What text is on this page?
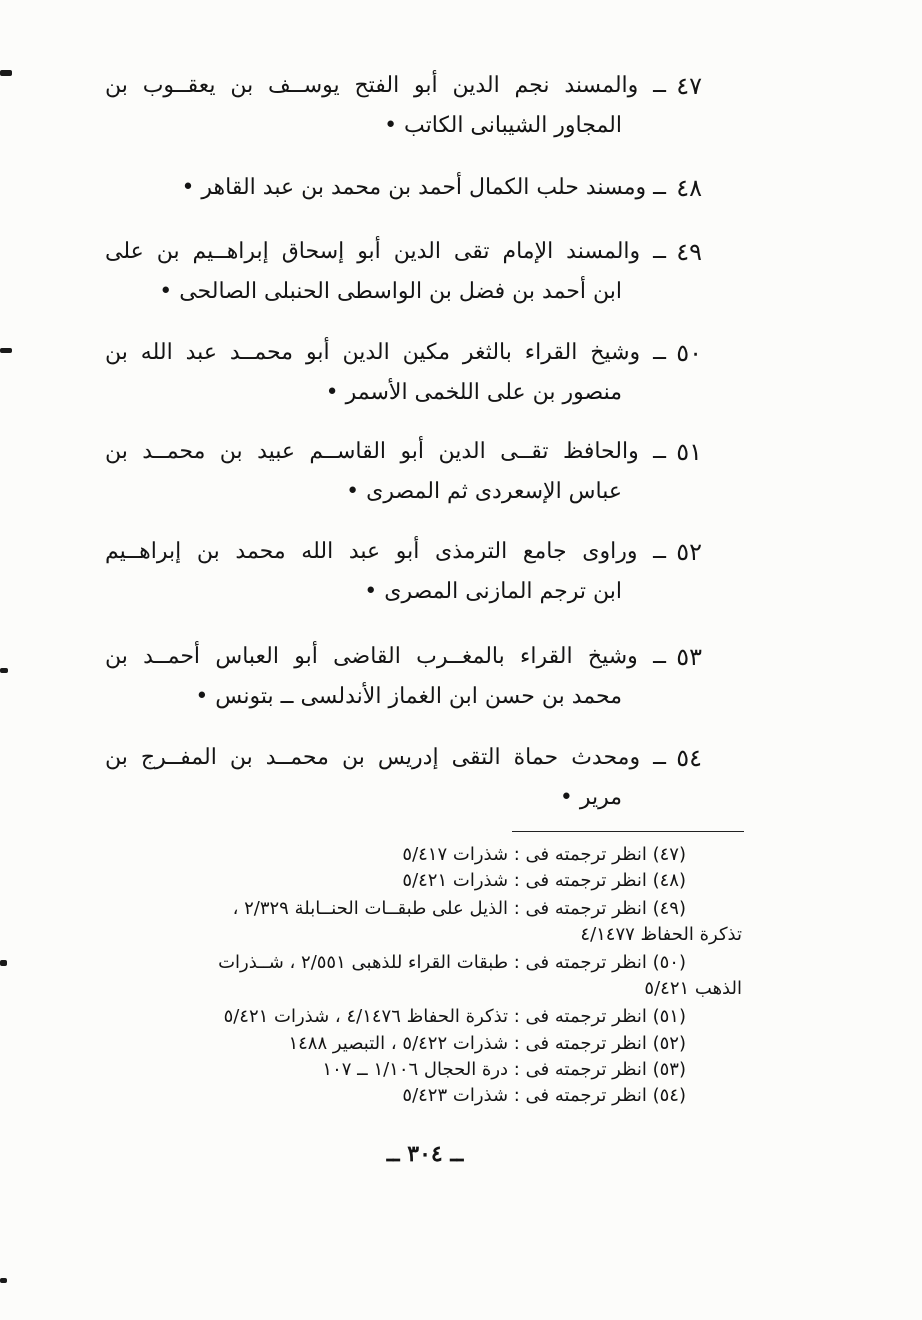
٤٧
ــ والمسند نجم الدين أبو الفتح يوســف بن يعقــوب بن
المجاور الشيبانى الكاتب •
٤٨
ــ ومسند حلب الكمال أحمد بن محمد بن عبد القاهر •
٤٩
ــ والمسند الإمام تقى الدين أبو إسحاق إبراهــيم بن على
ابن أحمد بن فضل بن الواسطى الحنبلى الصالحى •
٥٠
ــ وشيخ القراء بالثغر مكين الدين أبو محمــد عبد الله بن
منصور بن على اللخمى الأسمر •
٥١
ــ والحافظ تقــى الدين أبو القاســم عبيد بن محمــد بن
عباس الإسعردى ثم المصرى •
٥٢
ــ وراوى جامع الترمذى أبو عبد الله محمد بن إبراهــيم
ابن ترجم المازنى المصرى •
٥٣
ــ وشيخ القراء بالمغــرب القاضى أبو العباس أحمــد بن
محمد بن حسن ابن الغماز الأندلسى ــ بتونس •
٥٤
ــ ومحدث حماة التقى إدريس بن محمــد بن المفــرج بن
مرير •
(٤٧) انظر ترجمته فى : شذرات ٥/٤١٧
(٤٨) انظر ترجمته فى : شذرات ٥/٤٢١
(٤٩) انظر ترجمته فى : الذيل على طبقــات الحنــابلة ٢/٣٢٩ ،
تذكرة الحفاظ ٤/١٤٧٧
(٥٠) انظر ترجمته فى : طبقات القراء للذهبى ٢/٥٥١ ، شــذرات
الذهب ٥/٤٢١
(٥١) انظر ترجمته فى : تذكرة الحفاظ ٤/١٤٧٦ ، شذرات ٥/٤٢١
(٥٢) انظر ترجمته فى : شذرات ٥/٤٢٢ ، التبصير ١٤٨٨
(٥٣) انظر ترجمته فى : درة الحجال ١/١٠٦ ــ ١٠٧
(٥٤) انظر ترجمته فى : شذرات ٥/٤٢٣
ــ ٣٠٤ ــ
